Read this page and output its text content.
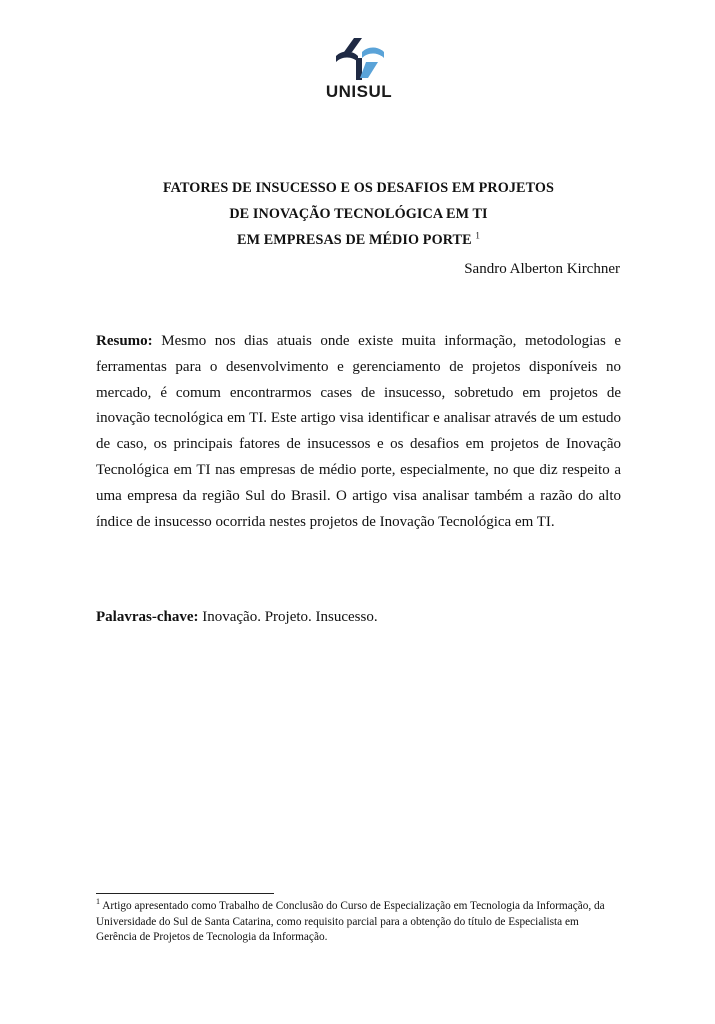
UNISUL
FATORES DE INSUCESSO E OS DESAFIOS EM PROJETOS
DE INOVAÇÃO TECNOLÓGICA EM TI
EM EMPRESAS DE MÉDIO PORTE $^1$
Sandro Alberton Kirchner
Resumo: Mesmo nos dias atuais onde existe muita informação, metodologias e ferramentas para o desenvolvimento e gerenciamento de projetos disponíveis no mercado, é comum encontrarmos cases de insucesso, sobretudo em projetos de inovação tecnológica em TI. Este artigo visa identificar e analisar através de um estudo de caso, os principais fatores de insucessos e os desafios em projetos de Inovação Tecnológica em TI nas empresas de médio porte, especialmente, no que diz respeito a uma empresa da região Sul do Brasil. O artigo visa analisar também a razão do alto índice de insucesso ocorrida nestes projetos de Inovação Tecnológica em TI.
Palavras-chave: Inovação. Projeto. Insucesso.
$^1$ Artigo apresentado como Trabalho de Conclusão do Curso de Especialização em Tecnologia da Informação, da Universidade do Sul de Santa Catarina, como requisito parcial para a obtenção do título de Especialista em Gerência de Projetos de Tecnologia da Informação.
